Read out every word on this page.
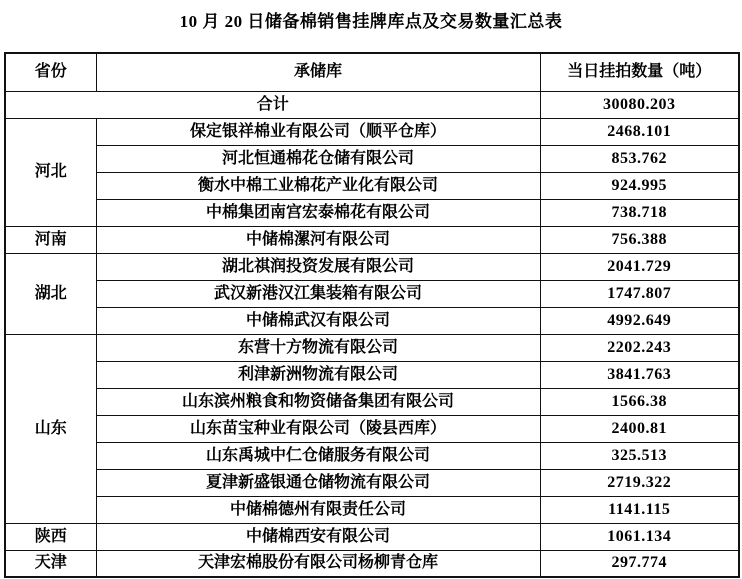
10 月 20 日储备棉销售挂牌库点及交易数量汇总表
省份	承储库	当日挂拍数量（吨）
合计		30080.203
河北	保定银祥棉业有限公司（顺平仓库）	2468.101
	河北恒通棉花仓储有限公司	853.762
	衡水中棉工业棉花产业化有限公司	924.995
	中棉集团南宫宏泰棉花有限公司	738.718
河南	中储棉漯河有限公司	756.388
湖北	湖北祺润投资发展有限公司	2041.729
	武汉新港汉江集装箱有限公司	1747.807
	中储棉武汉有限公司	4992.649
山东	东营十方物流有限公司	2202.243
	利津新洲物流有限公司	3841.763
	山东滨州粮食和物资储备集团有限公司	1566.38
	山东苗宝种业有限公司（陵县西库）	2400.81
	山东禹城中仁仓储服务有限公司	325.513
	夏津新盛银通仓储物流有限公司	2719.322
	中储棉德州有限责任公司	1141.115
陕西	中储棉西安有限公司	1061.134
天津	天津宏棉股份有限公司杨柳青仓库	297.774
